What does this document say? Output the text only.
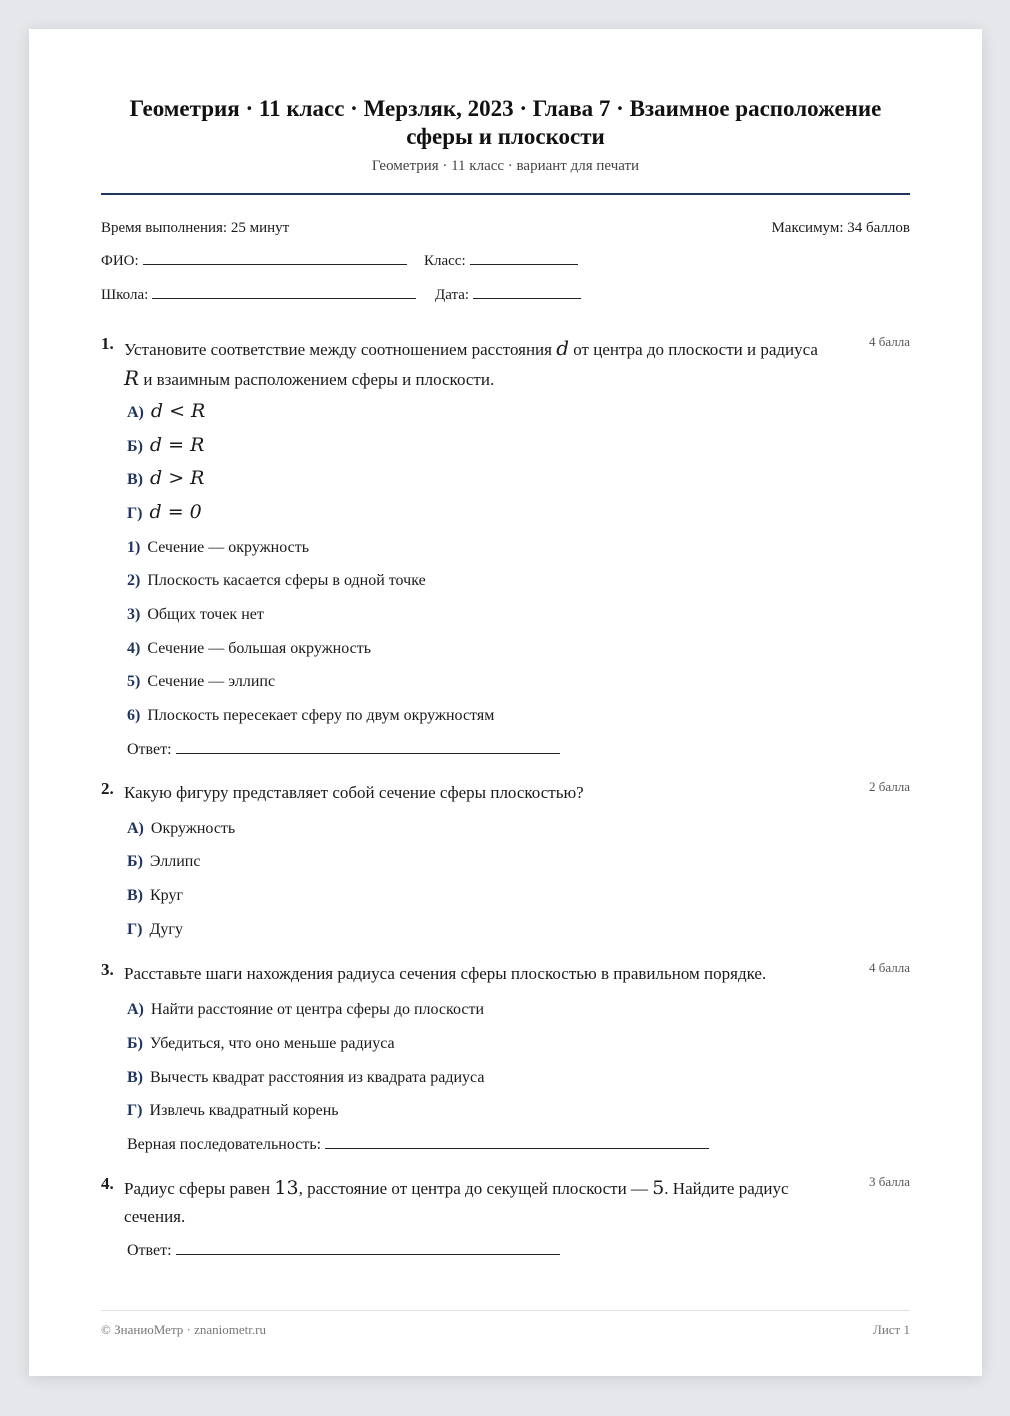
Геометрия · 11 класс · Мерзляк, 2023 · Глава 7 · Взаимное расположение сферы и плоскости
Геометрия · 11 класс · вариант для печати
Время выполнения: 25 минут	Максимум: 34 баллов
ФИО:	Класс:
Школа:	Дата:
1. Установите соответствие между соотношением расстояния d от центра до плоскости и радиуса R и взаимным расположением сферы и плоскости.
4 балла
А) d < R
Б) d = R
В) d > R
Г) d = 0
1) Сечение — окружность
2) Плоскость касается сферы в одной точке
3) Общих точек нет
4) Сечение — большая окружность
5) Сечение — эллипс
6) Плоскость пересекает сферу по двум окружностям
Ответ:
2. Какую фигуру представляет собой сечение сферы плоскостью?	2 балла
А) Окружность
Б) Эллипс
В) Круг
Г) Дугу
3. Расставьте шаги нахождения радиуса сечения сферы плоскостью в правильном порядке.	4 балла
А) Найти расстояние от центра сферы до плоскости
Б) Убедиться, что оно меньше радиуса
В) Вычесть квадрат расстояния из квадрата радиуса
Г) Извлечь квадратный корень
Верная последовательность:
4. Радиус сферы равен 13, расстояние от центра до секущей плоскости — 5. Найдите радиус сечения.
3 балла
Ответ:
© ЗнаниоМетр · znaniometr.ru	Лист 1
